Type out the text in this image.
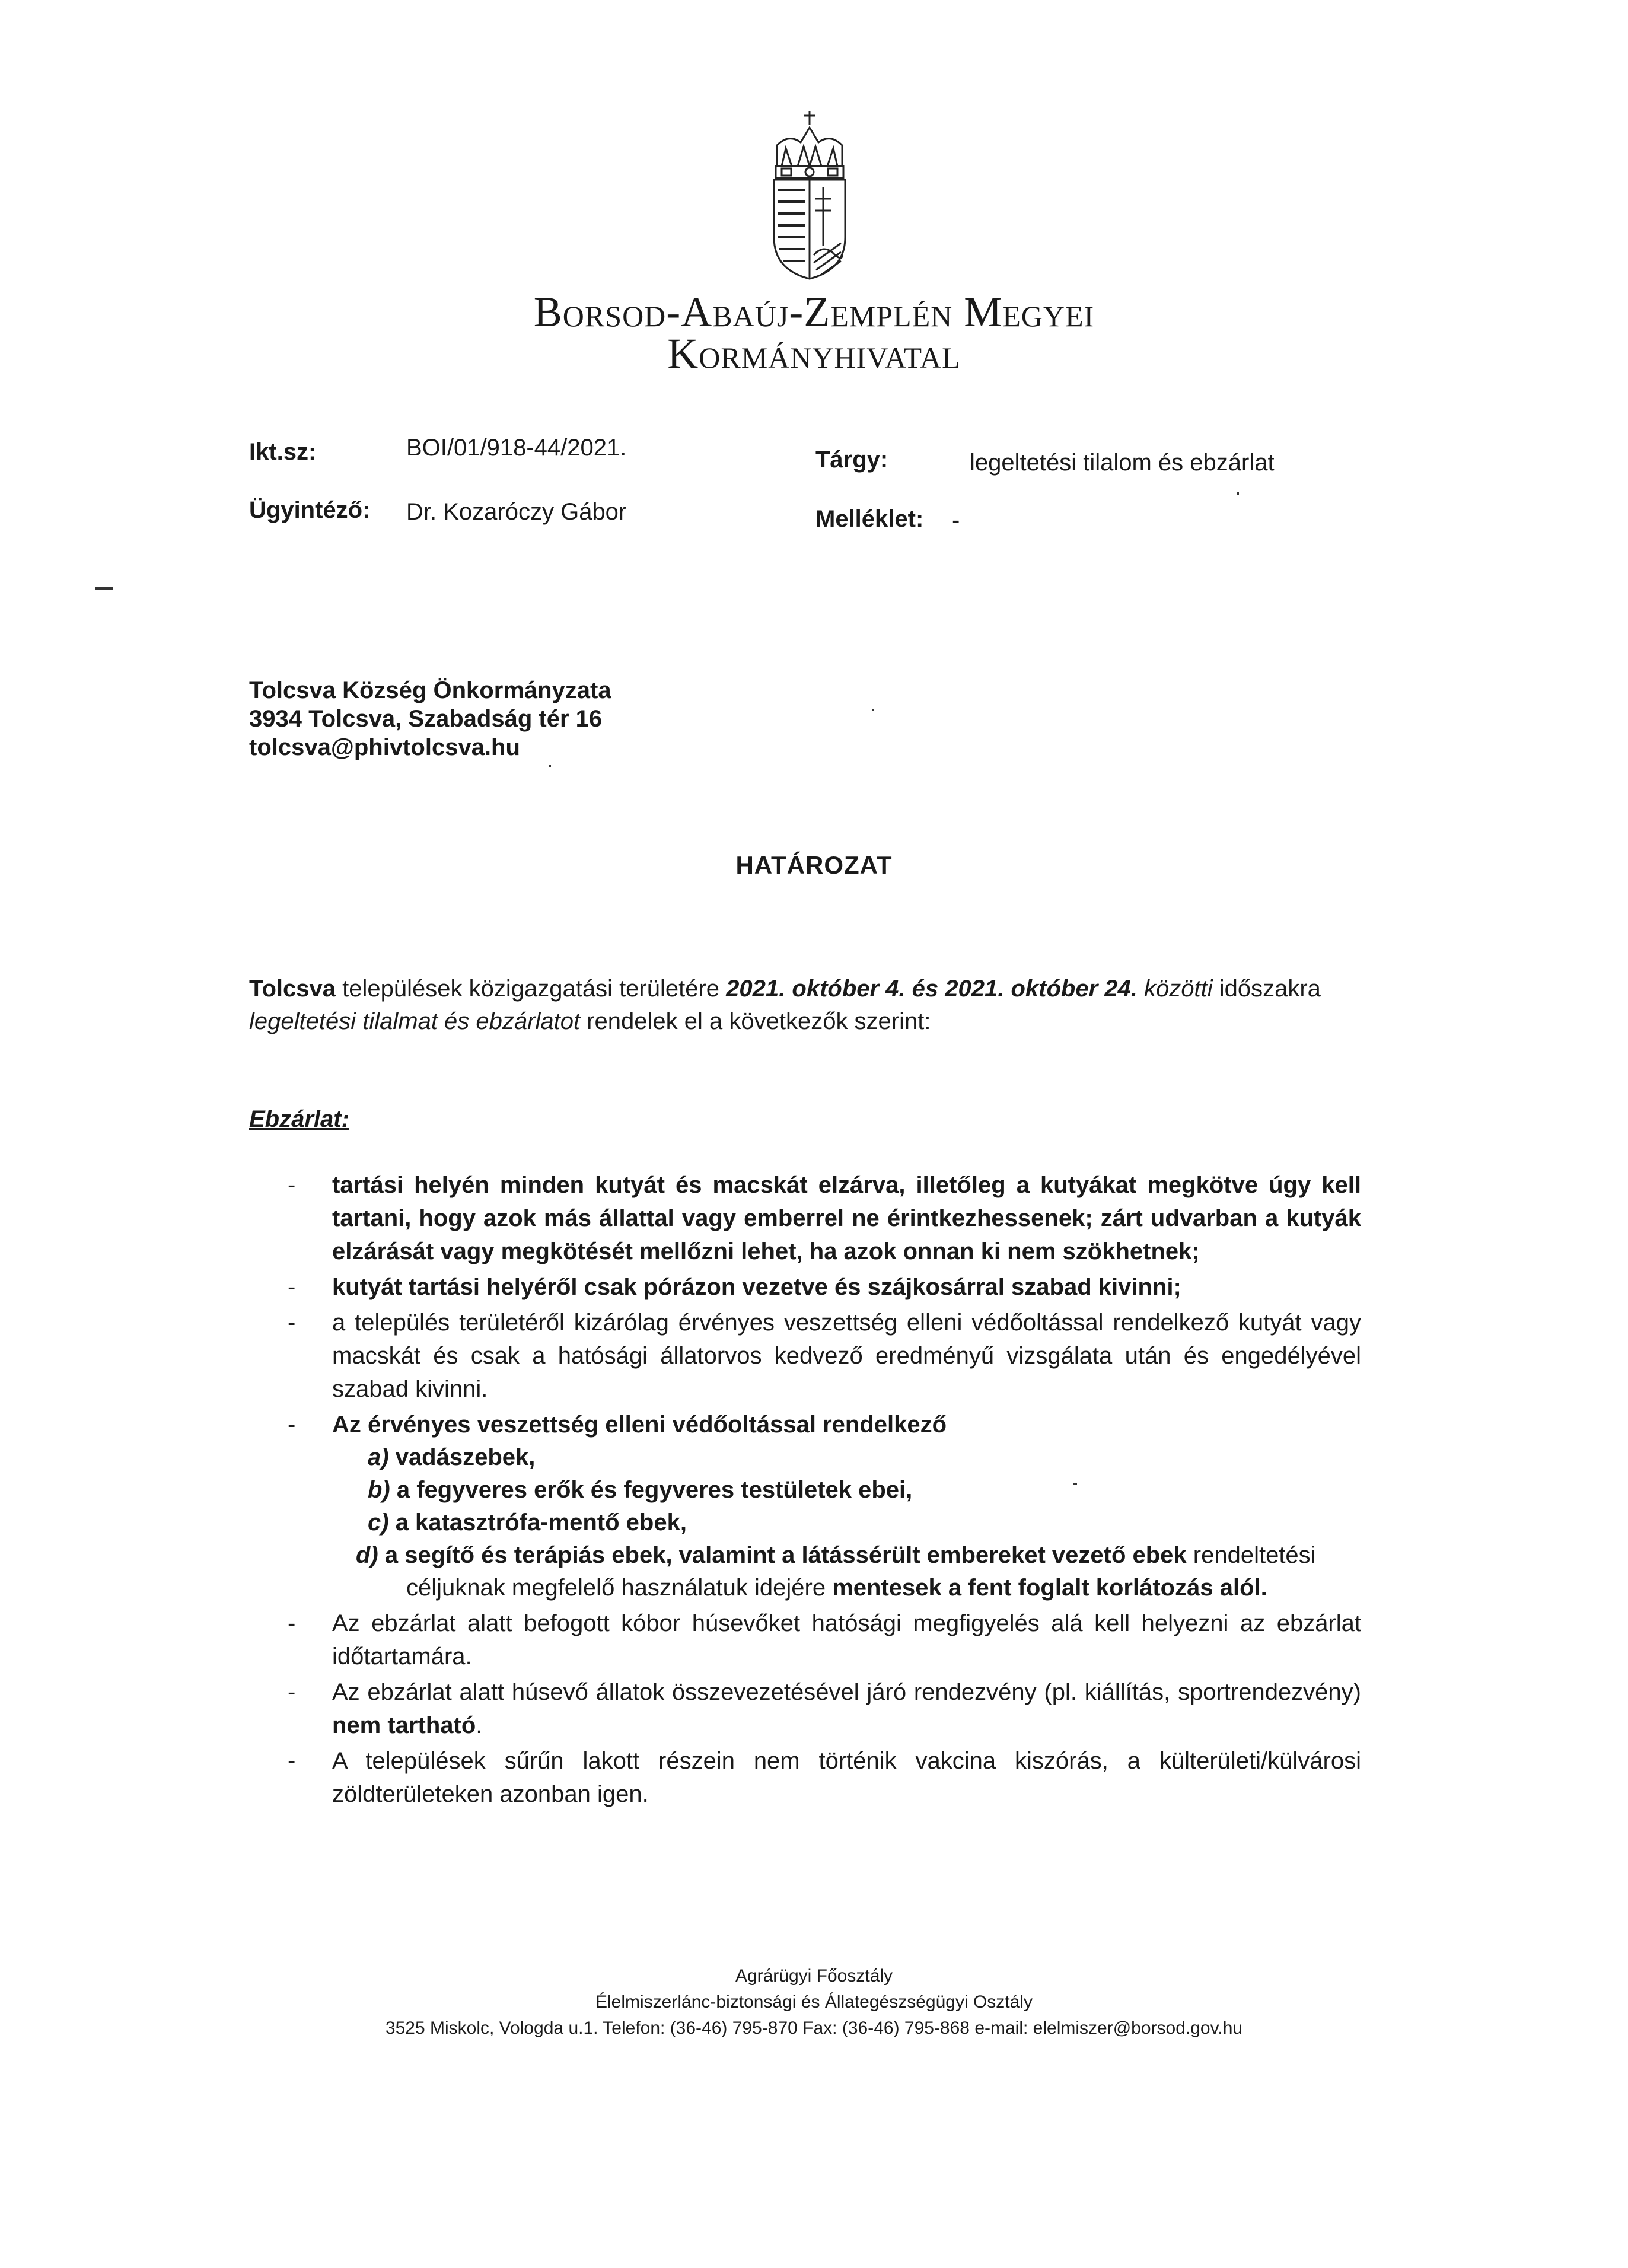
Borsod-Abaúj-Zemplén Megyei
Kormányhivatal
Ikt.sz:	BOI/01/918-44/2021.	Tárgy:	legeltetési tilalom és ebzárlat
Ügyintéző: Dr. Kozaróczy Gábor	Melléklet: -
Tolcsva Község Önkormányzata
3934 Tolcsva, Szabadság tér 16
tolcsva@phivtolcsva.hu
HATÁROZAT

Tolcsva települések közigazgatási területére 2021. október 4. és 2021. október 24. közötti időszakra

legeltetési tilalmat és ebzárlatot rendelek el a következők szerint:

Ebzárlat:
- tartási helyén minden kutyát és macskát elzárva, illetőleg a kutyákat megkötve úgy kell tartani, hogy azok más állattal vagy emberrel ne érintkezhessenek; zárt udvarban a kutyák elzárását vagy megkötését mellőzni lehet, ha azok onnan ki nem szökhetnek;

- kutyát tartási helyéről csak pórázon vezetve és szájkosárral szabad kivinni;

- a település területéről kizárólag érvényes veszettség elleni védőoltással rendelkező kutyát vagy macskát és csak a hatósági állatorvos kedvező eredményű vizsgálata után és engedélyével szabad kivinni.

- Az érvényes veszettség elleni védőoltással rendelkező

a) vadászebek,
b) a fegyveres erők és fegyveres testületek ebei,
c) a katasztrófa-mentő ebek,
d) a segítő és terápiás ebek, valamint a látássérült embereket vezető ebek rendeltetési
céljuknak megfelelő használatuk idejére mentesek a fent foglalt korlátozás alól.
- Az ebzárlat alatt befogott kóbor húsevőket hatósági megfigyelés alá kell helyezni az ebzárlat időtartamára.

- Az ebzárlat alatt húsevő állatok összevezetésével járó rendezvény (pl. kiállítás, sportrendezvény) nem tartható.

- A települések sűrűn lakott részein nem történik vakcina kiszórás, a külterületi/külvárosi zöldterületeken azonban igen.

Agrárügyi Főosztály
Élelmiszerlánc-biztonsági és Állategészségügyi Osztály
3525 Miskolc, Vologda u.1. Telefon: (36-46) 795-870 Fax: (36-46) 795-868 e-mail: elelmiszer@borsod.gov.hu
